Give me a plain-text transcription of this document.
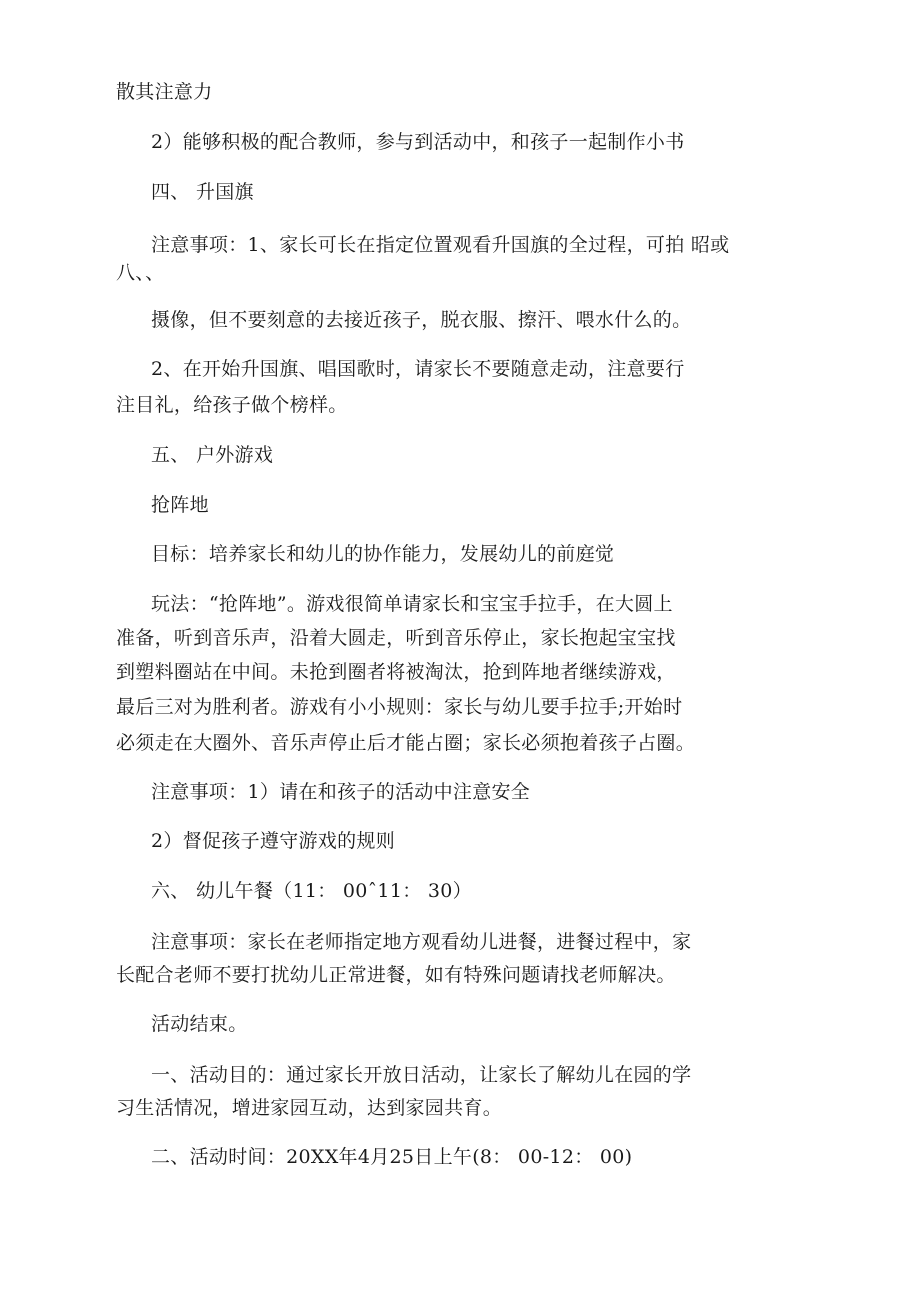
散其注意力
2）能够积极的配合教师，参与到活动中，和孩子一起制作小书
四、 升国旗
注意事项：1、家长可长在指定位置观看升国旗的全过程，可拍 昭或
八、、
摄像，但不要刻意的去接近孩子，脱衣服、擦汗、喂水什么的。
2、在开始升国旗、唱国歌时，请家长不要随意走动，注意要行
注目礼，给孩子做个榜样。
五、 户外游戏
抢阵地
目标：培养家长和幼儿的协作能力，发展幼儿的前庭觉
玩法：“抢阵地”。游戏很简单请家长和宝宝手拉手，在大圆上
准备，听到音乐声，沿着大圆走，听到音乐停止，家长抱起宝宝找
到塑料圈站在中间。未抢到圈者将被淘汰，抢到阵地者继续游戏，
最后三对为胜利者。游戏有小小规则：家长与幼儿要手拉手;开始时
必须走在大圈外、音乐声停止后才能占圈；家长必须抱着孩子占圈。
注意事项：1）请在和孩子的活动中注意安全
2）督促孩子遵守游戏的规则
六、 幼儿午餐（11： 00ˆ11： 30）
注意事项：家长在老师指定地方观看幼儿进餐，进餐过程中，家
长配合老师不要打扰幼儿正常进餐，如有特殊问题请找老师解决。
活动结束。
一、活动目的：通过家长开放日活动，让家长了解幼儿在园的学
习生活情况，增进家园互动，达到家园共育。
二、活动时间：20XX年4月25日上午(8： 00-12： 00)
